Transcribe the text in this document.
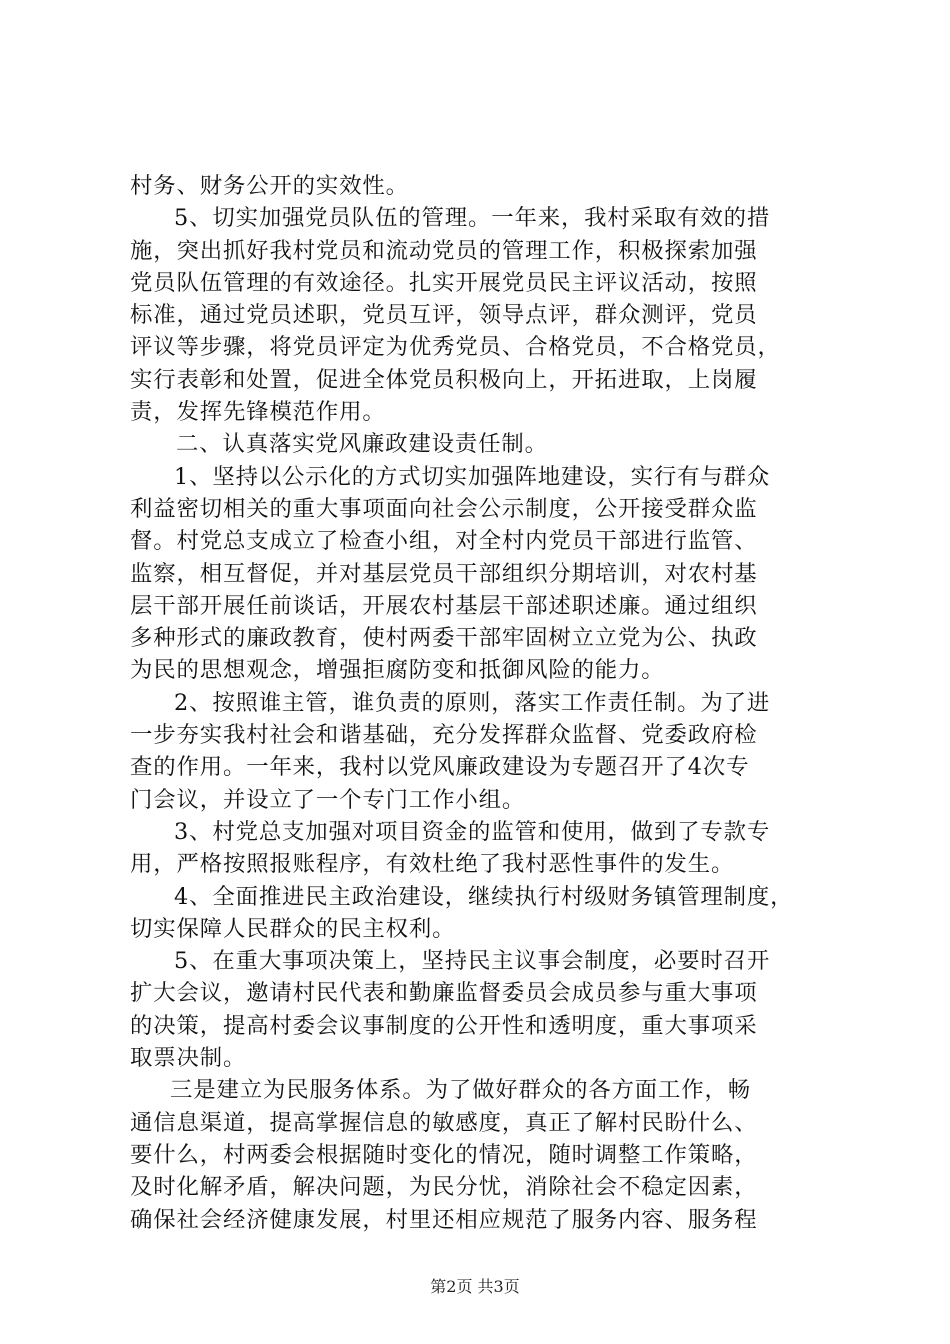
村务、财务公开的实效性。
5、切实加强党员队伍的管理。一年来，我村采取有效的措
施，突出抓好我村党员和流动党员的管理工作，积极探索加强
党员队伍管理的有效途径。扎实开展党员民主评议活动，按照
标准，通过党员述职，党员互评，领导点评，群众测评，党员
评议等步骤，将党员评定为优秀党员、合格党员，不合格党员，
实行表彰和处置，促进全体党员积极向上，开拓进取，上岗履
责，发挥先锋模范作用。
二、认真落实党风廉政建设责任制。
1、坚持以公示化的方式切实加强阵地建设，实行有与群众
利益密切相关的重大事项面向社会公示制度，公开接受群众监
督。村党总支成立了检查小组，对全村内党员干部进行监管、
监察，相互督促，并对基层党员干部组织分期培训，对农村基
层干部开展任前谈话，开展农村基层干部述职述廉。通过组织
多种形式的廉政教育，使村两委干部牢固树立立党为公、执政
为民的思想观念，增强拒腐防变和抵御风险的能力。
2、按照谁主管，谁负责的原则，落实工作责任制。为了进
一步夯实我村社会和谐基础，充分发挥群众监督、党委政府检
查的作用。一年来，我村以党风廉政建设为专题召开了4次专
门会议，并设立了一个专门工作小组。
3、村党总支加强对项目资金的监管和使用，做到了专款专
用，严格按照报账程序，有效杜绝了我村恶性事件的发生。
4、全面推进民主政治建设，继续执行村级财务镇管理制度，
切实保障人民群众的民主权利。
5、在重大事项决策上，坚持民主议事会制度，必要时召开
扩大会议，邀请村民代表和勤廉监督委员会成员参与重大事项
的决策，提高村委会议事制度的公开性和透明度，重大事项采
取票决制。
三是建立为民服务体系。为了做好群众的各方面工作，畅
通信息渠道，提高掌握信息的敏感度，真正了解村民盼什么、
要什么，村两委会根据随时变化的情况，随时调整工作策略，
及时化解矛盾，解决问题，为民分忧，消除社会不稳定因素，
确保社会经济健康发展，村里还相应规范了服务内容、服务程
第2页 共3页
